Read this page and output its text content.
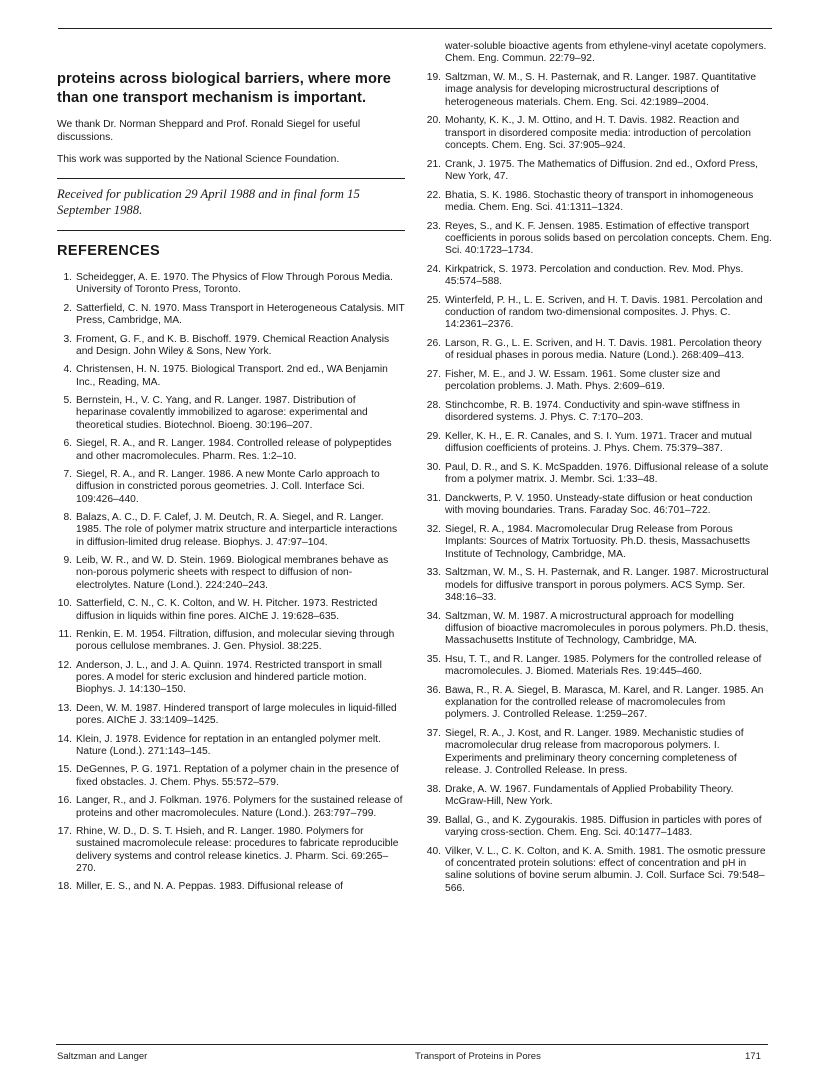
proteins across biological barriers, where more than one transport mechanism is important.

We thank Dr. Norman Sheppard and Prof. Ronald Siegel for useful discussions.

This work was supported by the National Science Foundation.

Received for publication 29 April 1988 and in final form 15 September 1988.

REFERENCES
1. Scheidegger, A. E. 1970. The Physics of Flow Through Porous Media. University of Toronto Press, Toronto.
2. Satterfield, C. N. 1970. Mass Transport in Heterogeneous Catalysis. MIT Press, Cambridge, MA.
3. Froment, G. F., and K. B. Bischoff. 1979. Chemical Reaction Analysis and Design. John Wiley & Sons, New York.
4. Christensen, H. N. 1975. Biological Transport. 2nd ed., WA Benjamin Inc., Reading, MA.
5. Bernstein, H., V. C. Yang, and R. Langer. 1987. Distribution of heparinase covalently immobilized to agarose: experimental and theoretical studies. Biotechnol. Bioeng. 30:196–207.
6. Siegel, R. A., and R. Langer. 1984. Controlled release of polypeptides and other macromolecules. Pharm. Res. 1:2–10.
7. Siegel, R. A., and R. Langer. 1986. A new Monte Carlo approach to diffusion in constricted porous geometries. J. Coll. Interface Sci. 109:426–440.
8. Balazs, A. C., D. F. Calef, J. M. Deutch, R. A. Siegel, and R. Langer. 1985. The role of polymer matrix structure and interparticle interactions in diffusion-limited drug release. Biophys. J. 47:97–104.
9. Leib, W. R., and W. D. Stein. 1969. Biological membranes behave as non-porous polymeric sheets with respect to diffusion of non-electrolytes. Nature (Lond.). 224:240–243.
10. Satterfield, C. N., C. K. Colton, and W. H. Pitcher. 1973. Restricted diffusion in liquids within fine pores. AIChE J. 19:628–635.
11. Renkin, E. M. 1954. Filtration, diffusion, and molecular sieving through porous cellulose membranes. J. Gen. Physiol. 38:225.
12. Anderson, J. L., and J. A. Quinn. 1974. Restricted transport in small pores. A model for steric exclusion and hindered particle motion. Biophys. J. 14:130–150.
13. Deen, W. M. 1987. Hindered transport of large molecules in liquid-filled pores. AIChE J. 33:1409–1425.
14. Klein, J. 1978. Evidence for reptation in an entangled polymer melt. Nature (Lond.). 271:143–145.
15. DeGennes, P. G. 1971. Reptation of a polymer chain in the presence of fixed obstacles. J. Chem. Phys. 55:572–579.
16. Langer, R., and J. Folkman. 1976. Polymers for the sustained release of proteins and other macromolecules. Nature (Lond.). 263:797–799.
17. Rhine, W. D., D. S. T. Hsieh, and R. Langer. 1980. Polymers for sustained macromolecule release: procedures to fabricate reproducible delivery systems and control release kinetics. J. Pharm. Sci. 69:265–270.
18. Miller, E. S., and N. A. Peppas. 1983. Diffusional release of

water-soluble bioactive agents from ethylene-vinyl acetate copolymers. Chem. Eng. Commun. 22:79–92.

19. Saltzman, W. M., S. H. Pasternak, and R. Langer. 1987. Quantitative image analysis for developing microstructural descriptions of heterogeneous materials. Chem. Eng. Sci. 42:1989–2004.
20. Mohanty, K. K., J. M. Ottino, and H. T. Davis. 1982. Reaction and transport in disordered composite media: introduction of percolation concepts. Chem. Eng. Sci. 37:905–924.
21. Crank, J. 1975. The Mathematics of Diffusion. 2nd ed., Oxford Press, New York, 47.
22. Bhatia, S. K. 1986. Stochastic theory of transport in inhomogeneous media. Chem. Eng. Sci. 41:1311–1324.
23. Reyes, S., and K. F. Jensen. 1985. Estimation of effective transport coefficients in porous solids based on percolation concepts. Chem. Eng. Sci. 40:1723–1734.
24. Kirkpatrick, S. 1973. Percolation and conduction. Rev. Mod. Phys. 45:574–588.
25. Winterfeld, P. H., L. E. Scriven, and H. T. Davis. 1981. Percolation and conduction of random two-dimensional composites. J. Phys. C. 14:2361–2376.
26. Larson, R. G., L. E. Scriven, and H. T. Davis. 1981. Percolation theory of residual phases in porous media. Nature (Lond.). 268:409–413.
27. Fisher, M. E., and J. W. Essam. 1961. Some cluster size and percolation problems. J. Math. Phys. 2:609–619.
28. Stinchcombe, R. B. 1974. Conductivity and spin-wave stiffness in disordered systems. J. Phys. C. 7:170–203.
29. Keller, K. H., E. R. Canales, and S. I. Yum. 1971. Tracer and mutual diffusion coefficients of proteins. J. Phys. Chem. 75:379–387.
30. Paul, D. R., and S. K. McSpadden. 1976. Diffusional release of a solute from a polymer matrix. J. Membr. Sci. 1:33–48.
31. Danckwerts, P. V. 1950. Unsteady-state diffusion or heat conduction with moving boundaries. Trans. Faraday Soc. 46:701–722.
32. Siegel, R. A., 1984. Macromolecular Drug Release from Porous Implants: Sources of Matrix Tortuosity. Ph.D. thesis, Massachusetts Institute of Technology, Cambridge, MA.
33. Saltzman, W. M., S. H. Pasternak, and R. Langer. 1987. Microstructural models for diffusive transport in porous polymers. ACS Symp. Ser. 348:16–33.
34. Saltzman, W. M. 1987. A microstructural approach for modelling diffusion of bioactive macromolecules in porous polymers. Ph.D. thesis, Massachusetts Institute of Technology, Cambridge, MA.
35. Hsu, T. T., and R. Langer. 1985. Polymers for the controlled release of macromolecules. J. Biomed. Materials Res. 19:445–460.
36. Bawa, R., R. A. Siegel, B. Marasca, M. Karel, and R. Langer. 1985. An explanation for the controlled release of macromolecules from polymers. J. Controlled Release. 1:259–267.
37. Siegel, R. A., J. Kost, and R. Langer. 1989. Mechanistic studies of macromolecular drug release from macroporous polymers. I. Experiments and preliminary theory concerning completeness of release. J. Controlled Release. In press.
38. Drake, A. W. 1967. Fundamentals of Applied Probability Theory. McGraw-Hill, New York.
39. Ballal, G., and K. Zygourakis. 1985. Diffusion in particles with pores of varying cross-section. Chem. Eng. Sci. 40:1477–1483.
40. Vilker, V. L., C. K. Colton, and K. A. Smith. 1981. The osmotic pressure of concentrated protein solutions: effect of concentration and pH in saline solutions of bovine serum albumin. J. Coll. Surface Sci. 79:548–566.
Saltzman and Langer	Transport of Proteins in Pores	171
